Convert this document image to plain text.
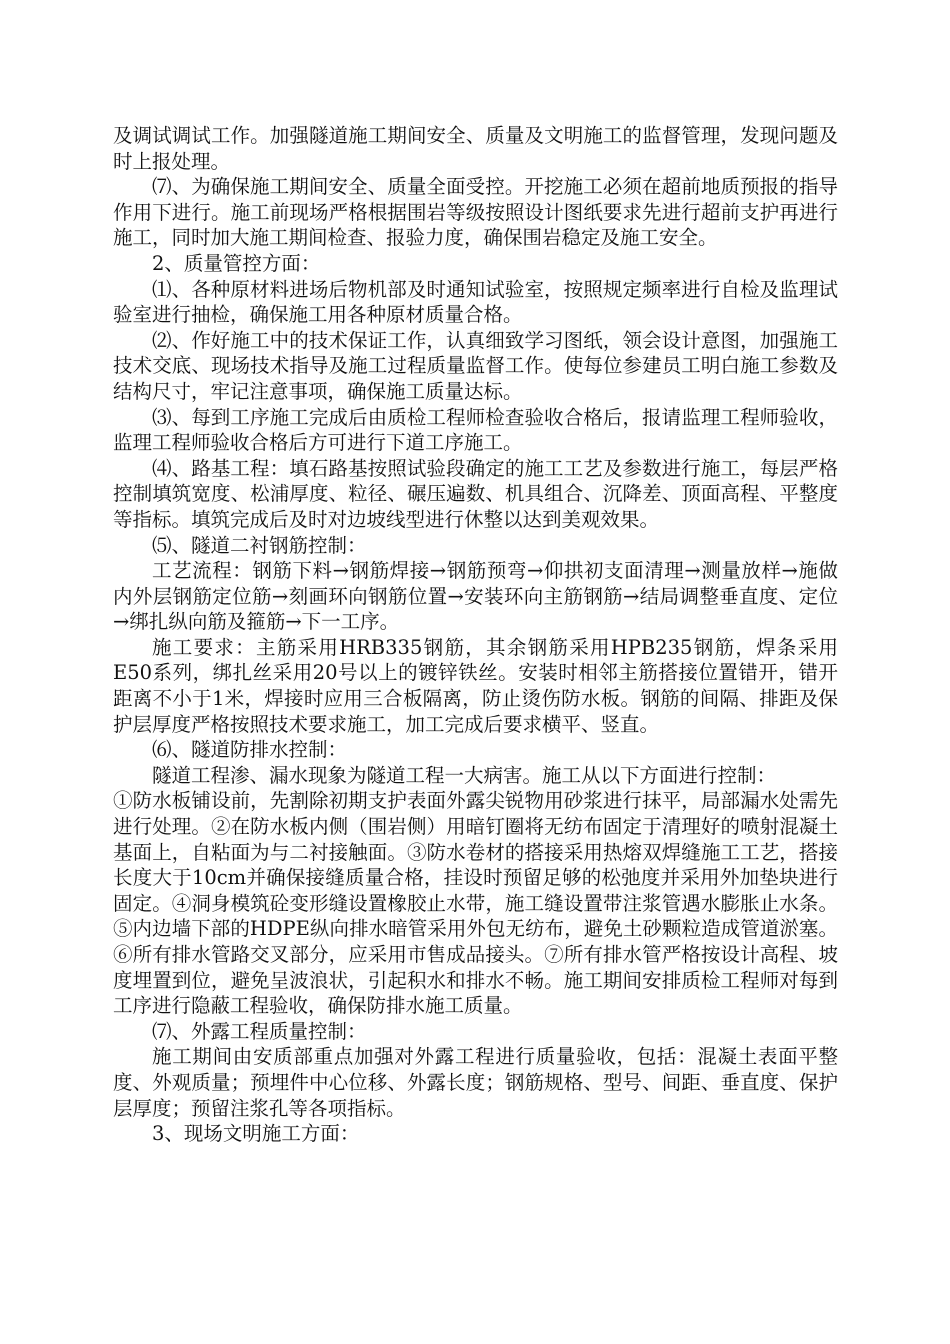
及调试调试工作。加强隧道施工期间安全、质量及文明施工的监督管理，发现问题及时上报处理。

⑺、为确保施工期间安全、质量全面受控。开挖施工必须在超前地质预报的指导作用下进行。施工前现场严格根据围岩等级按照设计图纸要求先进行超前支护再进行施工，同时加大施工期间检查、报验力度，确保围岩稳定及施工安全。

2、质量管控方面：

⑴、各种原材料进场后物机部及时通知试验室，按照规定频率进行自检及监理试验室进行抽检，确保施工用各种原材质量合格。

⑵、作好施工中的技术保证工作，认真细致学习图纸，领会设计意图，加强施工技术交底、现场技术指导及施工过程质量监督工作。使每位参建员工明白施工参数及结构尺寸，牢记注意事项，确保施工质量达标。

⑶、每到工序施工完成后由质检工程师检查验收合格后，报请监理工程师验收，监理工程师验收合格后方可进行下道工序施工。

⑷、路基工程：填石路基按照试验段确定的施工工艺及参数进行施工，每层严格控制填筑宽度、松浦厚度、粒径、碾压遍数、机具组合、沉降差、顶面高程、平整度等指标。填筑完成后及时对边坡线型进行休整以达到美观效果。

⑸、隧道二衬钢筋控制：

工艺流程：钢筋下料→钢筋焊接→钢筋预弯→仰拱初支面清理→测量放样→施做内外层钢筋定位筋→刻画环向钢筋位置→安装环向主筋钢筋→结局调整垂直度、定位→绑扎纵向筋及箍筋→下一工序。

施工要求：主筋采用HRB335钢筋，其余钢筋采用HPB235钢筋，焊条采用E50系列，绑扎丝采用20号以上的镀锌铁丝。安装时相邻主筋搭接位置错开，错开距离不小于1米，焊接时应用三合板隔离，防止烫伤防水板。钢筋的间隔、排距及保护层厚度严格按照技术要求施工，加工完成后要求横平、竖直。

⑹、隧道防排水控制：

隧道工程渗、漏水现象为隧道工程一大病害。施工从以下方面进行控制：

①防水板铺设前，先割除初期支护表面外露尖锐物用砂浆进行抹平，局部漏水处需先进行处理。②在防水板内侧（围岩侧）用暗钉圈将无纺布固定于清理好的喷射混凝土基面上，自粘面为与二衬接触面。③防水卷材的搭接采用热熔双焊缝施工工艺，搭接长度大于10cm并确保接缝质量合格，挂设时预留足够的松弛度并采用外加垫块进行固定。④洞身模筑砼变形缝设置橡胶止水带，施工缝设置带注浆管遇水膨胀止水条。⑤内边墙下部的HDPE纵向排水暗管采用外包无纺布，避免土砂颗粒造成管道淤塞。⑥所有排水管路交叉部分，应采用市售成品接头。⑦所有排水管严格按设计高程、坡度埋置到位，避免呈波浪状，引起积水和排水不畅。施工期间安排质检工程师对每到工序进行隐蔽工程验收，确保防排水施工质量。

⑺、外露工程质量控制：

施工期间由安质部重点加强对外露工程进行质量验收，包括：混凝土表面平整度、外观质量；预埋件中心位移、外露长度；钢筋规格、型号、间距、垂直度、保护层厚度；预留注浆孔等各项指标。

3、现场文明施工方面：
